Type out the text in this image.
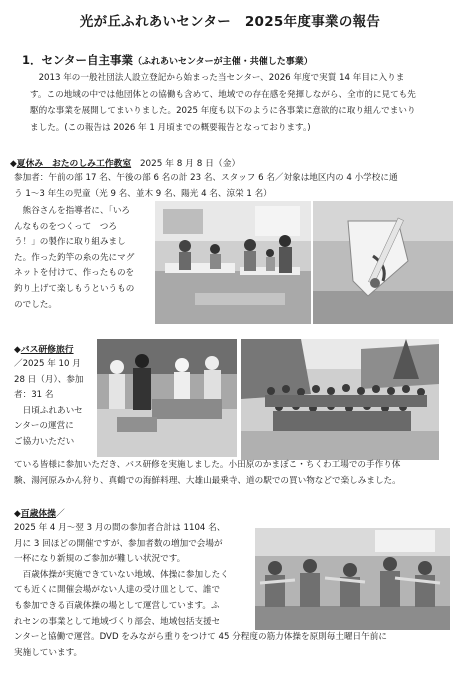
光が丘ふれあいセンター　2025年度事業の報告
1．センター自主事業（ふれあいセンターが主催・共催した事業）
　2013 年の一般社団法人設立登記から始まった当センター、2026 年度で実質 14 年目に入りま
す。この地域の中では他団体との協働も含めて、地域での存在感を発揮しながら、全市的に見ても先
駆的な事業を展開してまいりました。2025 年度も以下のように各事業に意欲的に取り組んでまいり
ました。(この報告は 2026 年 1 月頃までの概要報告となっております。)
◆夏休み　おたのしみ工作教室　2025 年 8 月 8 日（金）
参加者：午前の部 17 名、午後の部 6 名の計 23 名、スタッフ 6 名／対象は地区内の 4 小学校に通
う 1～3 年生の児童（光 9 名、並木 9 名、陽光 4 名、涼栄 1 名）
　熊谷さんを指導者に、「いろ
んなものをつくって　つろ
う！」の製作に取り組みまし
た。作った釣竿の糸の先にマグ
ネットを付けて、作ったものを
釣り上げて楽しもうというもの
のでした。
◆バス研修旅行
／2025 年 10 月
28 日（月）、参加
者：31 名
　日頃ふれあいセ
ンターの運営に
ご協力いただい
ている皆様に参加いただき、バス研修を実施しました。小田原のかまぼこ・ちくわ工場での手作り体
験、湯河原みかん狩り、真鶴での海鮮料理、大雄山最乗寺、道の駅での買い物などで楽しみました。
◆百歳体操／
2025 年 4 月～翌 3 月の間の参加者合計は 1104 名、
月に 3 回ほどの開催ですが、参加者数の増加で会場が
一杯になり新規のご参加が難しい状況です。
　百歳体操が実施できていない地域、体操に参加したく
ても近くに開催会場がない人達の受け皿として、誰で
も参加できる百歳体操の場として運営しています。ふ
れセンの事業として地域づくり部会、地域包括支援セ
ンターと協働で運営。DVD をみながら重りをつけて 45 分程度の筋力体操を原則毎土曜日午前に
実施しています。
